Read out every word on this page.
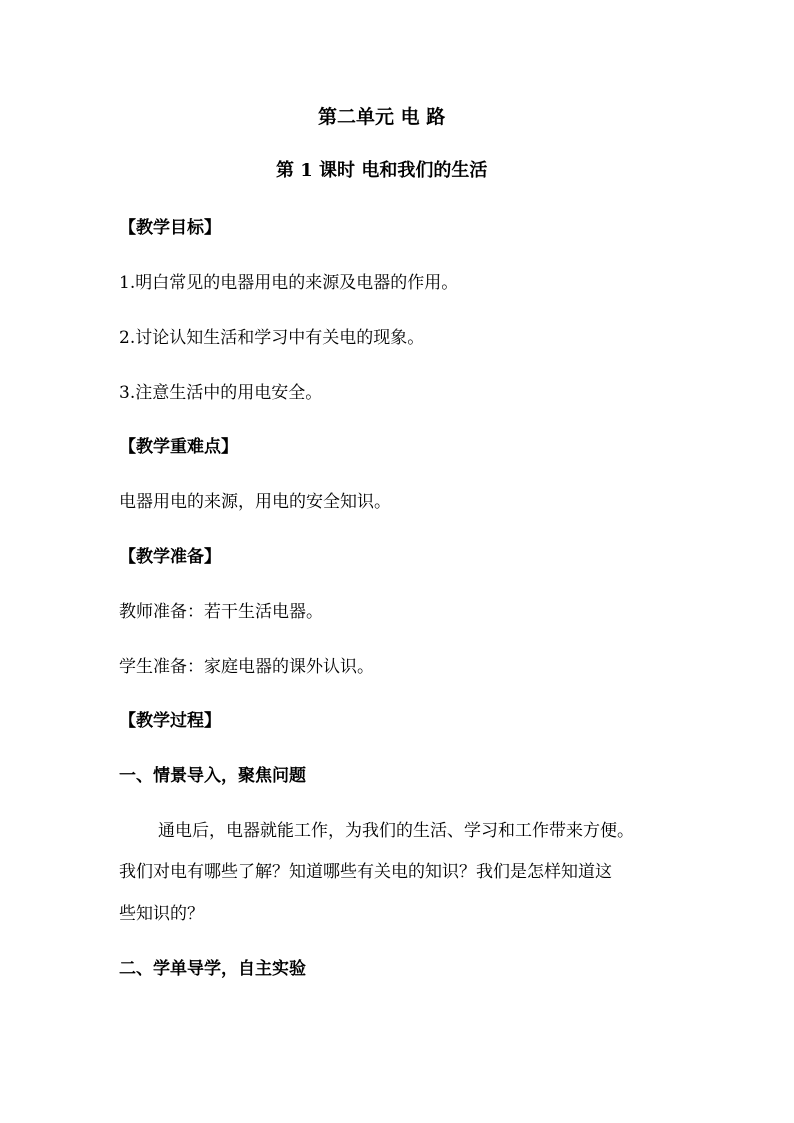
第二单元 电 路
第 1 课时 电和我们的生活
【教学目标】
1.明白常见的电器用电的来源及电器的作用。
2.讨论认知生活和学习中有关电的现象。
3.注意生活中的用电安全。
【教学重难点】
电器用电的来源，用电的安全知识。
【教学准备】
教师准备：若干生活电器。
学生准备：家庭电器的课外认识。
【教学过程】
一、情景导入，聚焦问题
通电后，电器就能工作，为我们的生活、学习和工作带来方便。
我们对电有哪些了解？知道哪些有关电的知识？我们是怎样知道这
些知识的？
二、学单导学，自主实验
